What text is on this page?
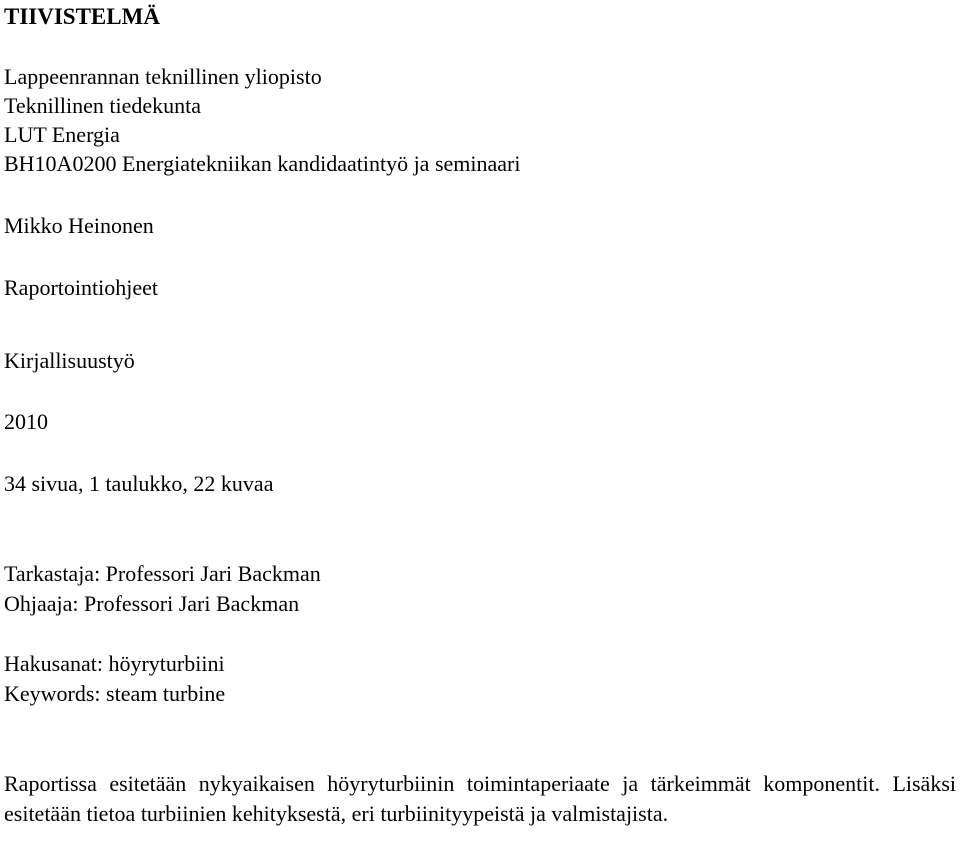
TIIVISTELMÄ

Lappeenrannan teknillinen yliopisto

Teknillinen tiedekunta

LUT Energia

BH10A0200 Energiatekniikan kandidaatintyö ja seminaari

Mikko Heinonen

Raportointiohjeet

Kirjallisuustyö

2010

34 sivua, 1 taulukko, 22 kuvaa

Tarkastaja: Professori Jari Backman

Ohjaaja: Professori Jari Backman

Hakusanat: höyryturbiini

Keywords: steam turbine

Raportissa esitetään nykyaikaisen höyryturbiinin toimintaperiaate ja tärkeimmät komponentit. Lisäksi esitetään tietoa turbiinien kehityksestä, eri turbiinityypeistä ja valmistajista.
